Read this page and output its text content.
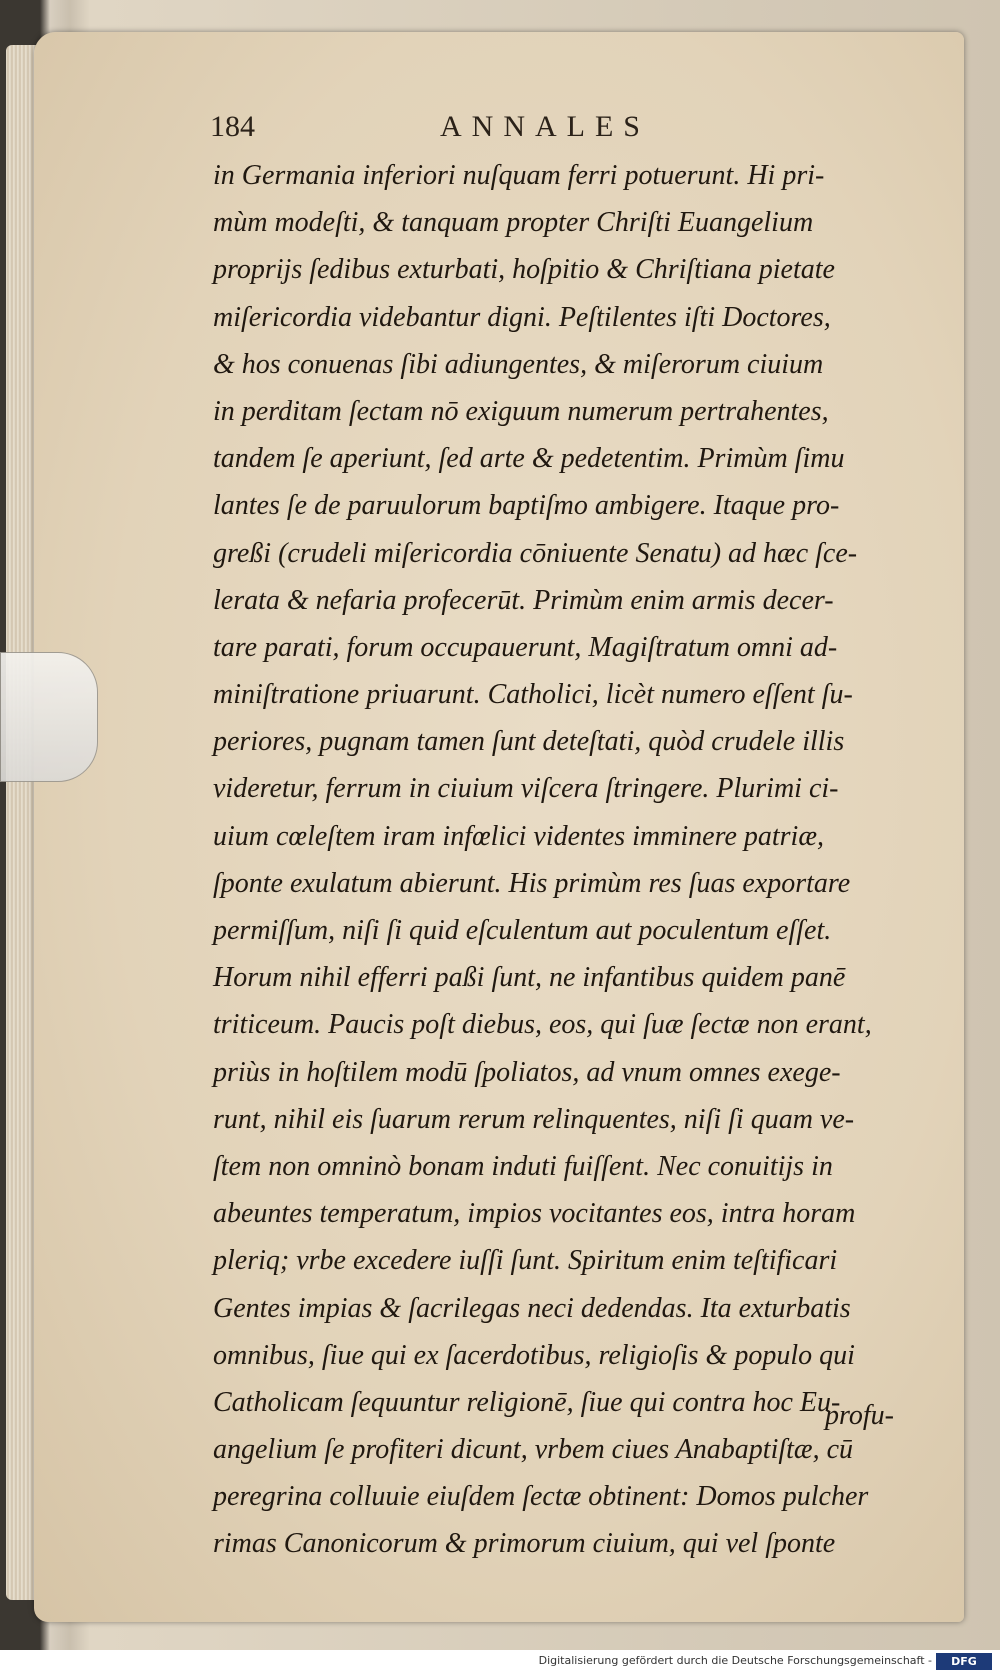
184	ANNALES
in Germania inferiori nuſquam ferri potuerunt. Hi pri-
mùm modeſti, & tanquam propter Chriſti Euangelium
proprijs ſedibus exturbati, hoſpitio & Chriſtiana pietate
miſericordia videbantur digni. Peſtilentes iſti Doctores,
& hos conuenas ſibi adiungentes, & miſerorum ciuium
in perditam ſectam nō exiguum numerum pertrahentes,
tandem ſe aperiunt, ſed arte & pedetentim. Primùm ſimu
lantes ſe de paruulorum baptiſmo ambigere. Itaque pro-
greßi (crudeli miſericordia cōniuente Senatu) ad hæc ſce-
lerata & nefaria profecerūt. Primùm enim armis decer-
tare parati, forum occupauerunt, Magiſtratum omni ad-
miniſtratione priuarunt. Catholici, licèt numero eſſent ſu-
periores, pugnam tamen ſunt deteſtati, quòd crudele illis
videretur, ferrum in ciuium viſcera ſtringere. Plurimi ci-
uium cœleſtem iram infœlici videntes imminere patriæ,
ſponte exulatum abierunt. His primùm res ſuas exportare
permiſſum, niſi ſi quid eſculentum aut poculentum eſſet.
Horum nihil efferri paßi ſunt, ne infantibus quidem panē
triticeum. Paucis poſt diebus, eos, qui ſuæ ſectæ non erant,
priùs in hoſtilem modū ſpoliatos, ad vnum omnes exege-
runt, nihil eis ſuarum rerum relinquentes, niſi ſi quam ve-
ſtem non omninò bonam induti fuiſſent. Nec conuitijs in
abeuntes temperatum, impios vocitantes eos, intra horam
pleriq; vrbe excedere iuſſi ſunt. Spiritum enim teſtificari
Gentes impias & ſacrilegas neci dedendas. Ita exturbatis
omnibus, ſiue qui ex ſacerdotibus, religioſis & populo qui
Catholicam ſequuntur religionē, ſiue qui contra hoc Eu-
angelium ſe profiteri dicunt, vrbem ciues Anabaptiſtæ, cū
peregrina colluuie eiuſdem ſectæ obtinent: Domos pulcher
rimas Canonicorum & primorum ciuium, qui vel ſponte
profu-
Digitalisierung gefördert durch die Deutsche Forschungsgemeinschaft -	DFG
